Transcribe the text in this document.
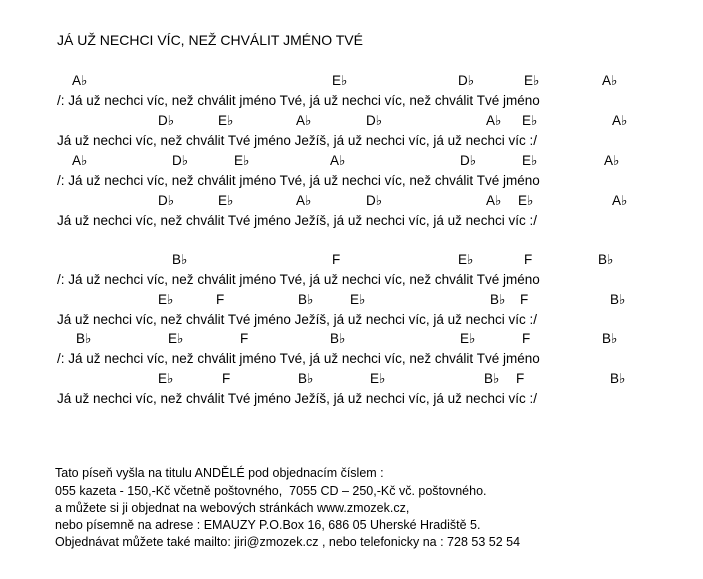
JÁ UŽ NECHCI VÍC, NEŽ CHVÁLIT JMÉNO TVÉ
A♭	E♭	D♭	E♭	A♭
/: Já už nechci víc, než chválit jméno Tvé, já už nechci víc, než chválit Tvé jméno
D♭	E♭	A♭	D♭	A♭ E♭	A♭
Já už nechci víc, než chválit Tvé jméno Ježíš, já už nechci víc, já už nechci víc :/
A♭	D♭	E♭	A♭	D♭	E♭	A♭
/: Já už nechci víc, než chválit jméno Tvé, já už nechci víc, než chválit Tvé jméno
D♭	E♭	A♭	D♭	A♭ E♭	A♭
Já už nechci víc, než chválit Tvé jméno Ježíš, já už nechci víc, já už nechci víc :/
B♭	F	E♭	F	B♭
/: Já už nechci víc, než chválit jméno Tvé, já už nechci víc, než chválit Tvé jméno
E♭	F	B♭	E♭	B♭ F	B♭
Já už nechci víc, než chválit Tvé jméno Ježíš, já už nechci víc, já už nechci víc :/
B♭	E♭	F	B♭	E♭	F	B♭
/: Já už nechci víc, než chválit jméno Tvé, já už nechci víc, než chválit Tvé jméno
E♭	F	B♭	E♭	B♭ F	B♭
Já už nechci víc, než chválit Tvé jméno Ježíš, já už nechci víc, já už nechci víc :/
Tato píseň vyšla na titulu ANDĚLÉ pod objednacím číslem :
055 kazeta - 150,-Kč včetně poštovného,  7055 CD – 250,-Kč vč. poštovného.
a můžete si ji objednat na webových stránkách www.zmozek.cz,
nebo písemně na adrese : EMAUZY P.O.Box 16, 686 05 Uherské Hradiště 5.
Objednávat můžete také mailto: jiri@zmozek.cz , nebo telefonicky na : 728 53 52 54
